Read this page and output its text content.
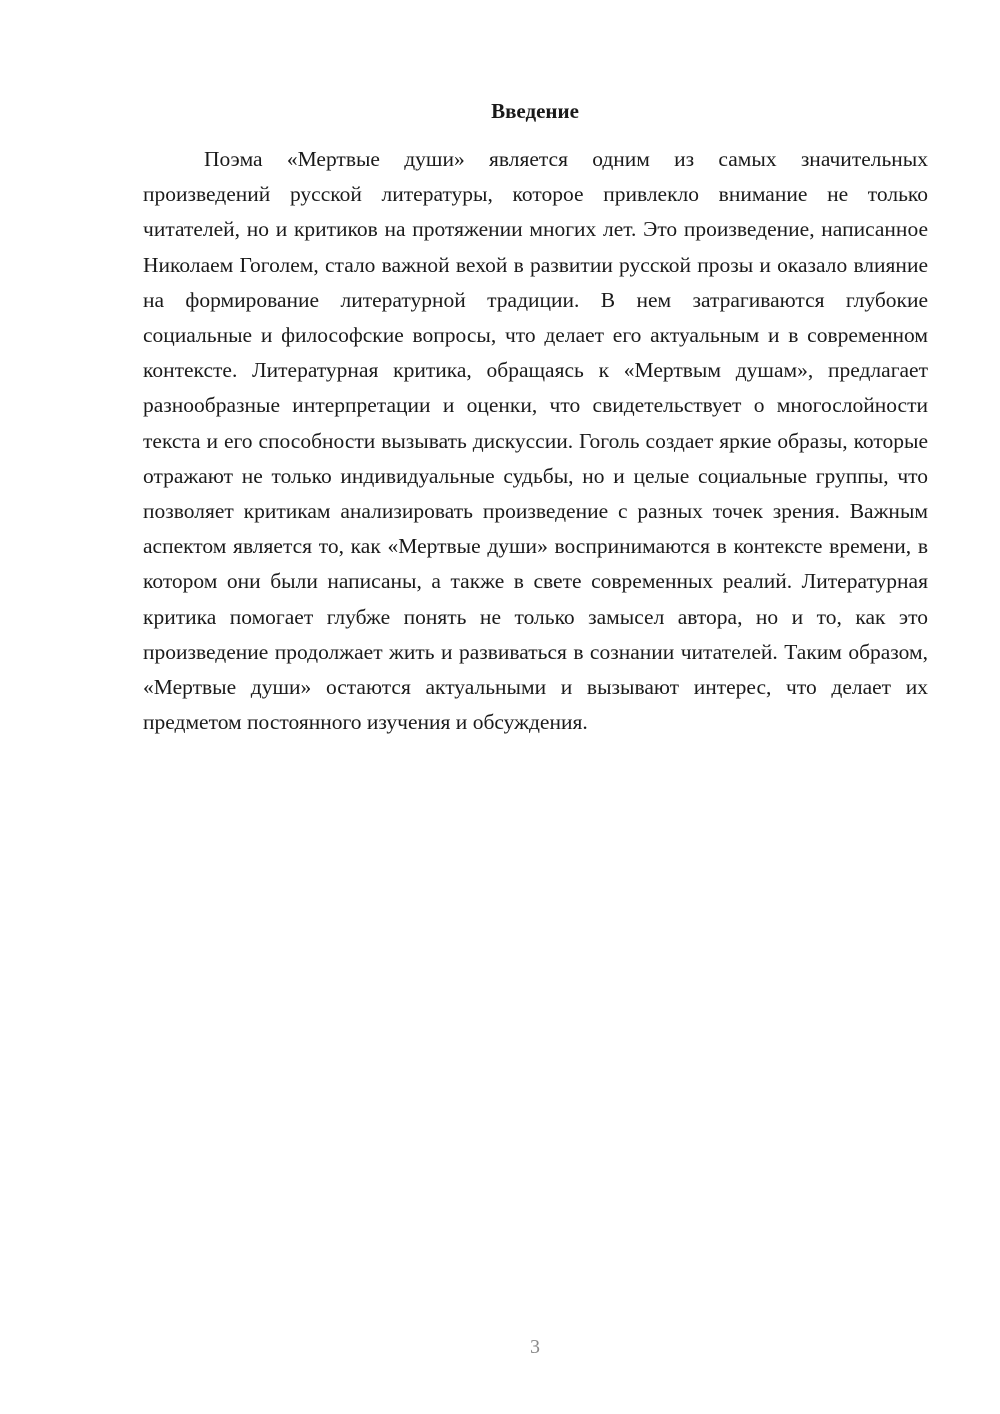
Введение

Поэма «Мертвые души» является одним из самых значительных произведений русской литературы, которое привлекло внимание не только читателей, но и критиков на протяжении многих лет. Это произведение, написанное Николаем Гоголем, стало важной вехой в развитии русской прозы и оказало влияние на формирование литературной традиции. В нем затрагиваются глубокие социальные и философские вопросы, что делает его актуальным и в современном контексте. Литературная критика, обращаясь к «Мертвым душам», предлагает разнообразные интерпретации и оценки, что свидетельствует о многослойности текста и его способности вызывать дискуссии. Гоголь создает яркие образы, которые отражают не только индивидуальные судьбы, но и целые социальные группы, что позволяет критикам анализировать произведение с разных точек зрения. Важным аспектом является то, как «Мертвые души» воспринимаются в контексте времени, в котором они были написаны, а также в свете современных реалий. Литературная критика помогает глубже понять не только замысел автора, но и то, как это произведение продолжает жить и развиваться в сознании читателей. Таким образом, «Мертвые души» остаются актуальными и вызывают интерес, что делает их предметом постоянного изучения и обсуждения.

3
